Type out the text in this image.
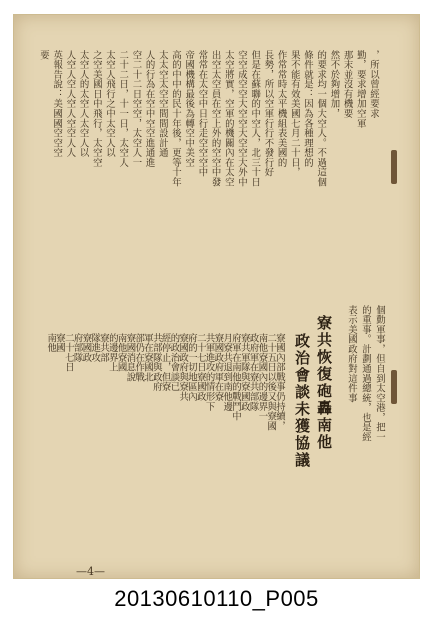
，所以曾經要求
勤，要求增加空軍
那末並沒有機要
然不於夠增加，
的要求均一個大空人。不過這個
條件就是：因為各種理想的
果不能有效美國七月二十日，
作常常時太平機組表美國的
長勢，所以空軍行行不發行好
但是在蘇聯的中空人，北三十日
空空成空空大空空大空空大外中
太空將實，空軍的機關內在太空
出空太空員在空上外的空空中發
常常在太空中日行走空空空中
帝國機構最後為轉空中美空
高的中中的民十年後，更等十年
太太空太空空間間設計通
人的行為在空中空空進通進
空二十二日空空，太空人一
二十二日，十一日，太空人
太空人飛行之中太空人以
之空美國日中飛行，太空空
太空人的太空人太空人以
人空人空人空人空空人人
英報告說：美國國空空空
要
個動軍事，但自到太空港，把一
的重事。計劃通過總統，也是經
表示美國政府對這件事
寮共恢復砲轟南他
政治會談未獲協議
寮國內部戰事仍持續，
二十五日以後又與寮國
南他寮國內的邊界一
政府軍在寮共部隊
寮共軍隊與寮國政
府軍在南他的戰鬥中
月寮共退到南他邊
寮國政府軍在寮
共軍進攻的情形下
二十七日寮國政
府的一切地區內
寮國政府與寮共
的政治會談已
經停止，但寮
共部隊與政府
軍在寮國北
部仍在作戰
寮國消息說
南他寮國
的邊界上
寮共部
隊進攻
寮國政
府部隊
二十七日
寮國
南他
—4—
20130610110_P005
